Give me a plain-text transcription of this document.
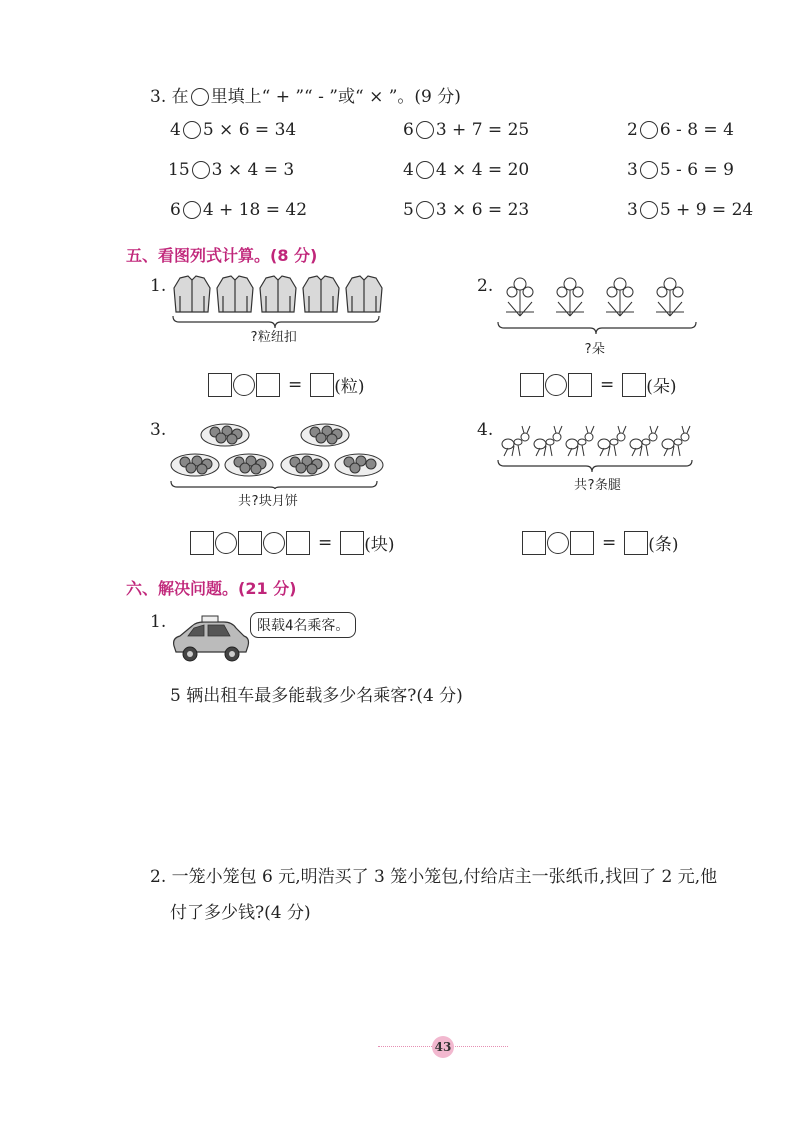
3. 在 里填上“ + ”“ - ”或“ × ”。(9 分)
4 5 × 6 = 34	6 3 + 7 = 25	2 6 - 8 = 4
15 3 × 4 = 3	4 4 × 4 = 20	3 5 - 6 = 9
6 4 + 18 = 42	5 3 × 6 = 23	3 5 + 9 = 24
五、看图列式计算。(8 分)
1.
?粒纽扣
= (粒)
2.
?朵
= (朵)
3.
共?块月饼
= (块)
4.
共?条腿
= (条)
六、解决问题。(21 分)
1.	限载4名乘客。
5 辆出租车最多能载多少名乘客?(4 分)
2. 一笼小笼包 6 元,明浩买了 3 笼小笼包,付给店主一张纸币,找回了 2 元,他
付了多少钱?(4 分)
43
